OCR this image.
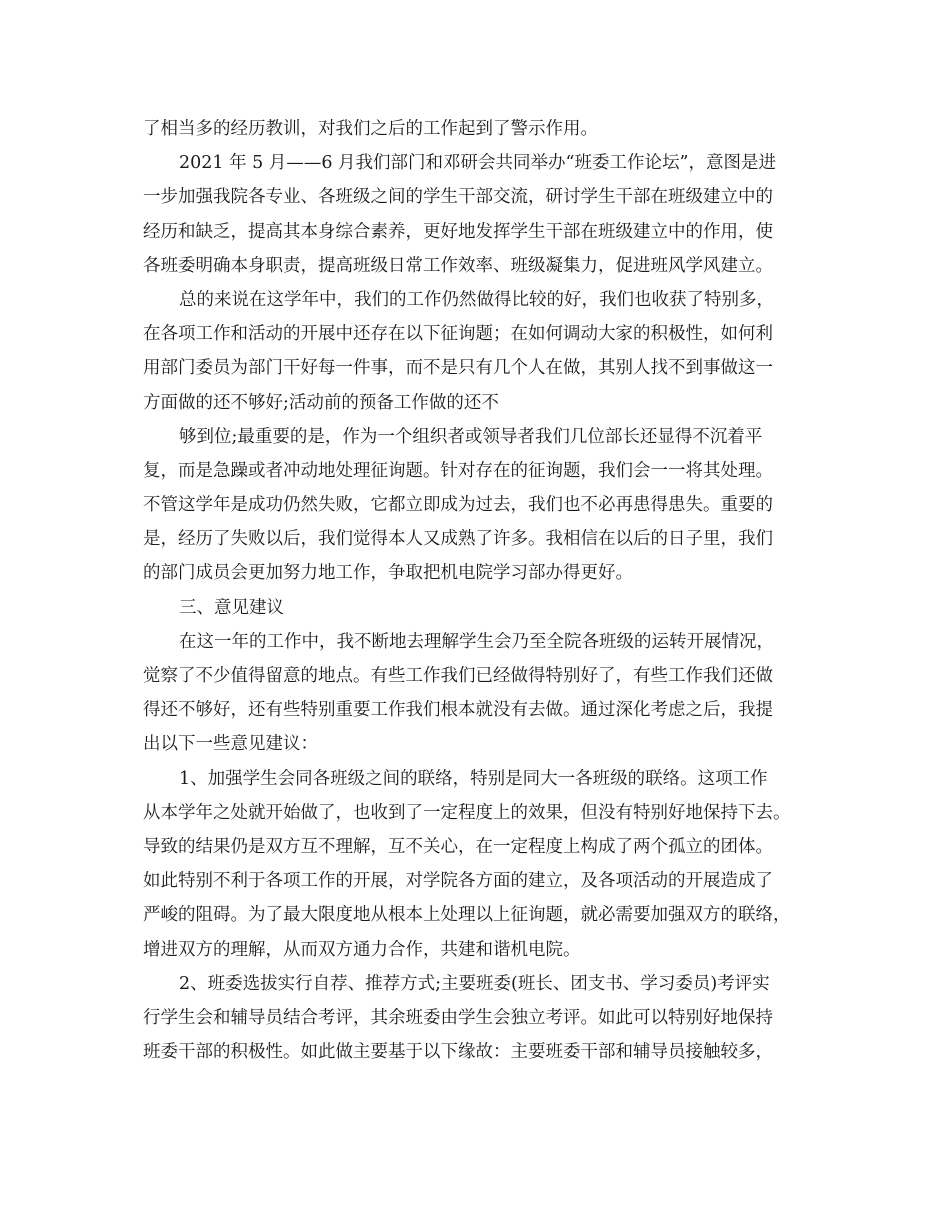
了相当多的经历教训，对我们之后的工作起到了警示作用。
2021 年 5 月——6 月我们部门和邓研会共同举办“班委工作论坛”，意图是进
一步加强我院各专业、各班级之间的学生干部交流，研讨学生干部在班级建立中的
经历和缺乏，提高其本身综合素养，更好地发挥学生干部在班级建立中的作用，使
各班委明确本身职责，提高班级日常工作效率、班级凝集力，促进班风学风建立。
总的来说在这学年中，我们的工作仍然做得比较的好，我们也收获了特别多，
在各项工作和活动的开展中还存在以下征询题；在如何调动大家的积极性，如何利
用部门委员为部门干好每一件事，而不是只有几个人在做，其别人找不到事做这一
方面做的还不够好;活动前的预备工作做的还不
够到位;最重要的是，作为一个组织者或领导者我们几位部长还显得不沉着平
复，而是急躁或者冲动地处理征询题。针对存在的征询题，我们会一一将其处理。
不管这学年是成功仍然失败，它都立即成为过去，我们也不必再患得患失。重要的
是，经历了失败以后，我们觉得本人又成熟了许多。我相信在以后的日子里，我们
的部门成员会更加努力地工作，争取把机电院学习部办得更好。
三、意见建议
在这一年的工作中，我不断地去理解学生会乃至全院各班级的运转开展情况，
觉察了不少值得留意的地点。有些工作我们已经做得特别好了，有些工作我们还做
得还不够好，还有些特别重要工作我们根本就没有去做。通过深化考虑之后，我提
出以下一些意见建议：
1、加强学生会同各班级之间的联络，特别是同大一各班级的联络。这项工作
从本学年之处就开始做了，也收到了一定程度上的效果，但没有特别好地保持下去。
导致的结果仍是双方互不理解，互不关心，在一定程度上构成了两个孤立的团体。
如此特别不利于各项工作的开展，对学院各方面的建立，及各项活动的开展造成了
严峻的阻碍。为了最大限度地从根本上处理以上征询题，就必需要加强双方的联络，
增进双方的理解，从而双方通力合作，共建和谐机电院。
2、班委选拔实行自荐、推荐方式;主要班委(班长、团支书、学习委员)考评实
行学生会和辅导员结合考评，其余班委由学生会独立考评。如此可以特别好地保持
班委干部的积极性。如此做主要基于以下缘故：主要班委干部和辅导员接触较多，
